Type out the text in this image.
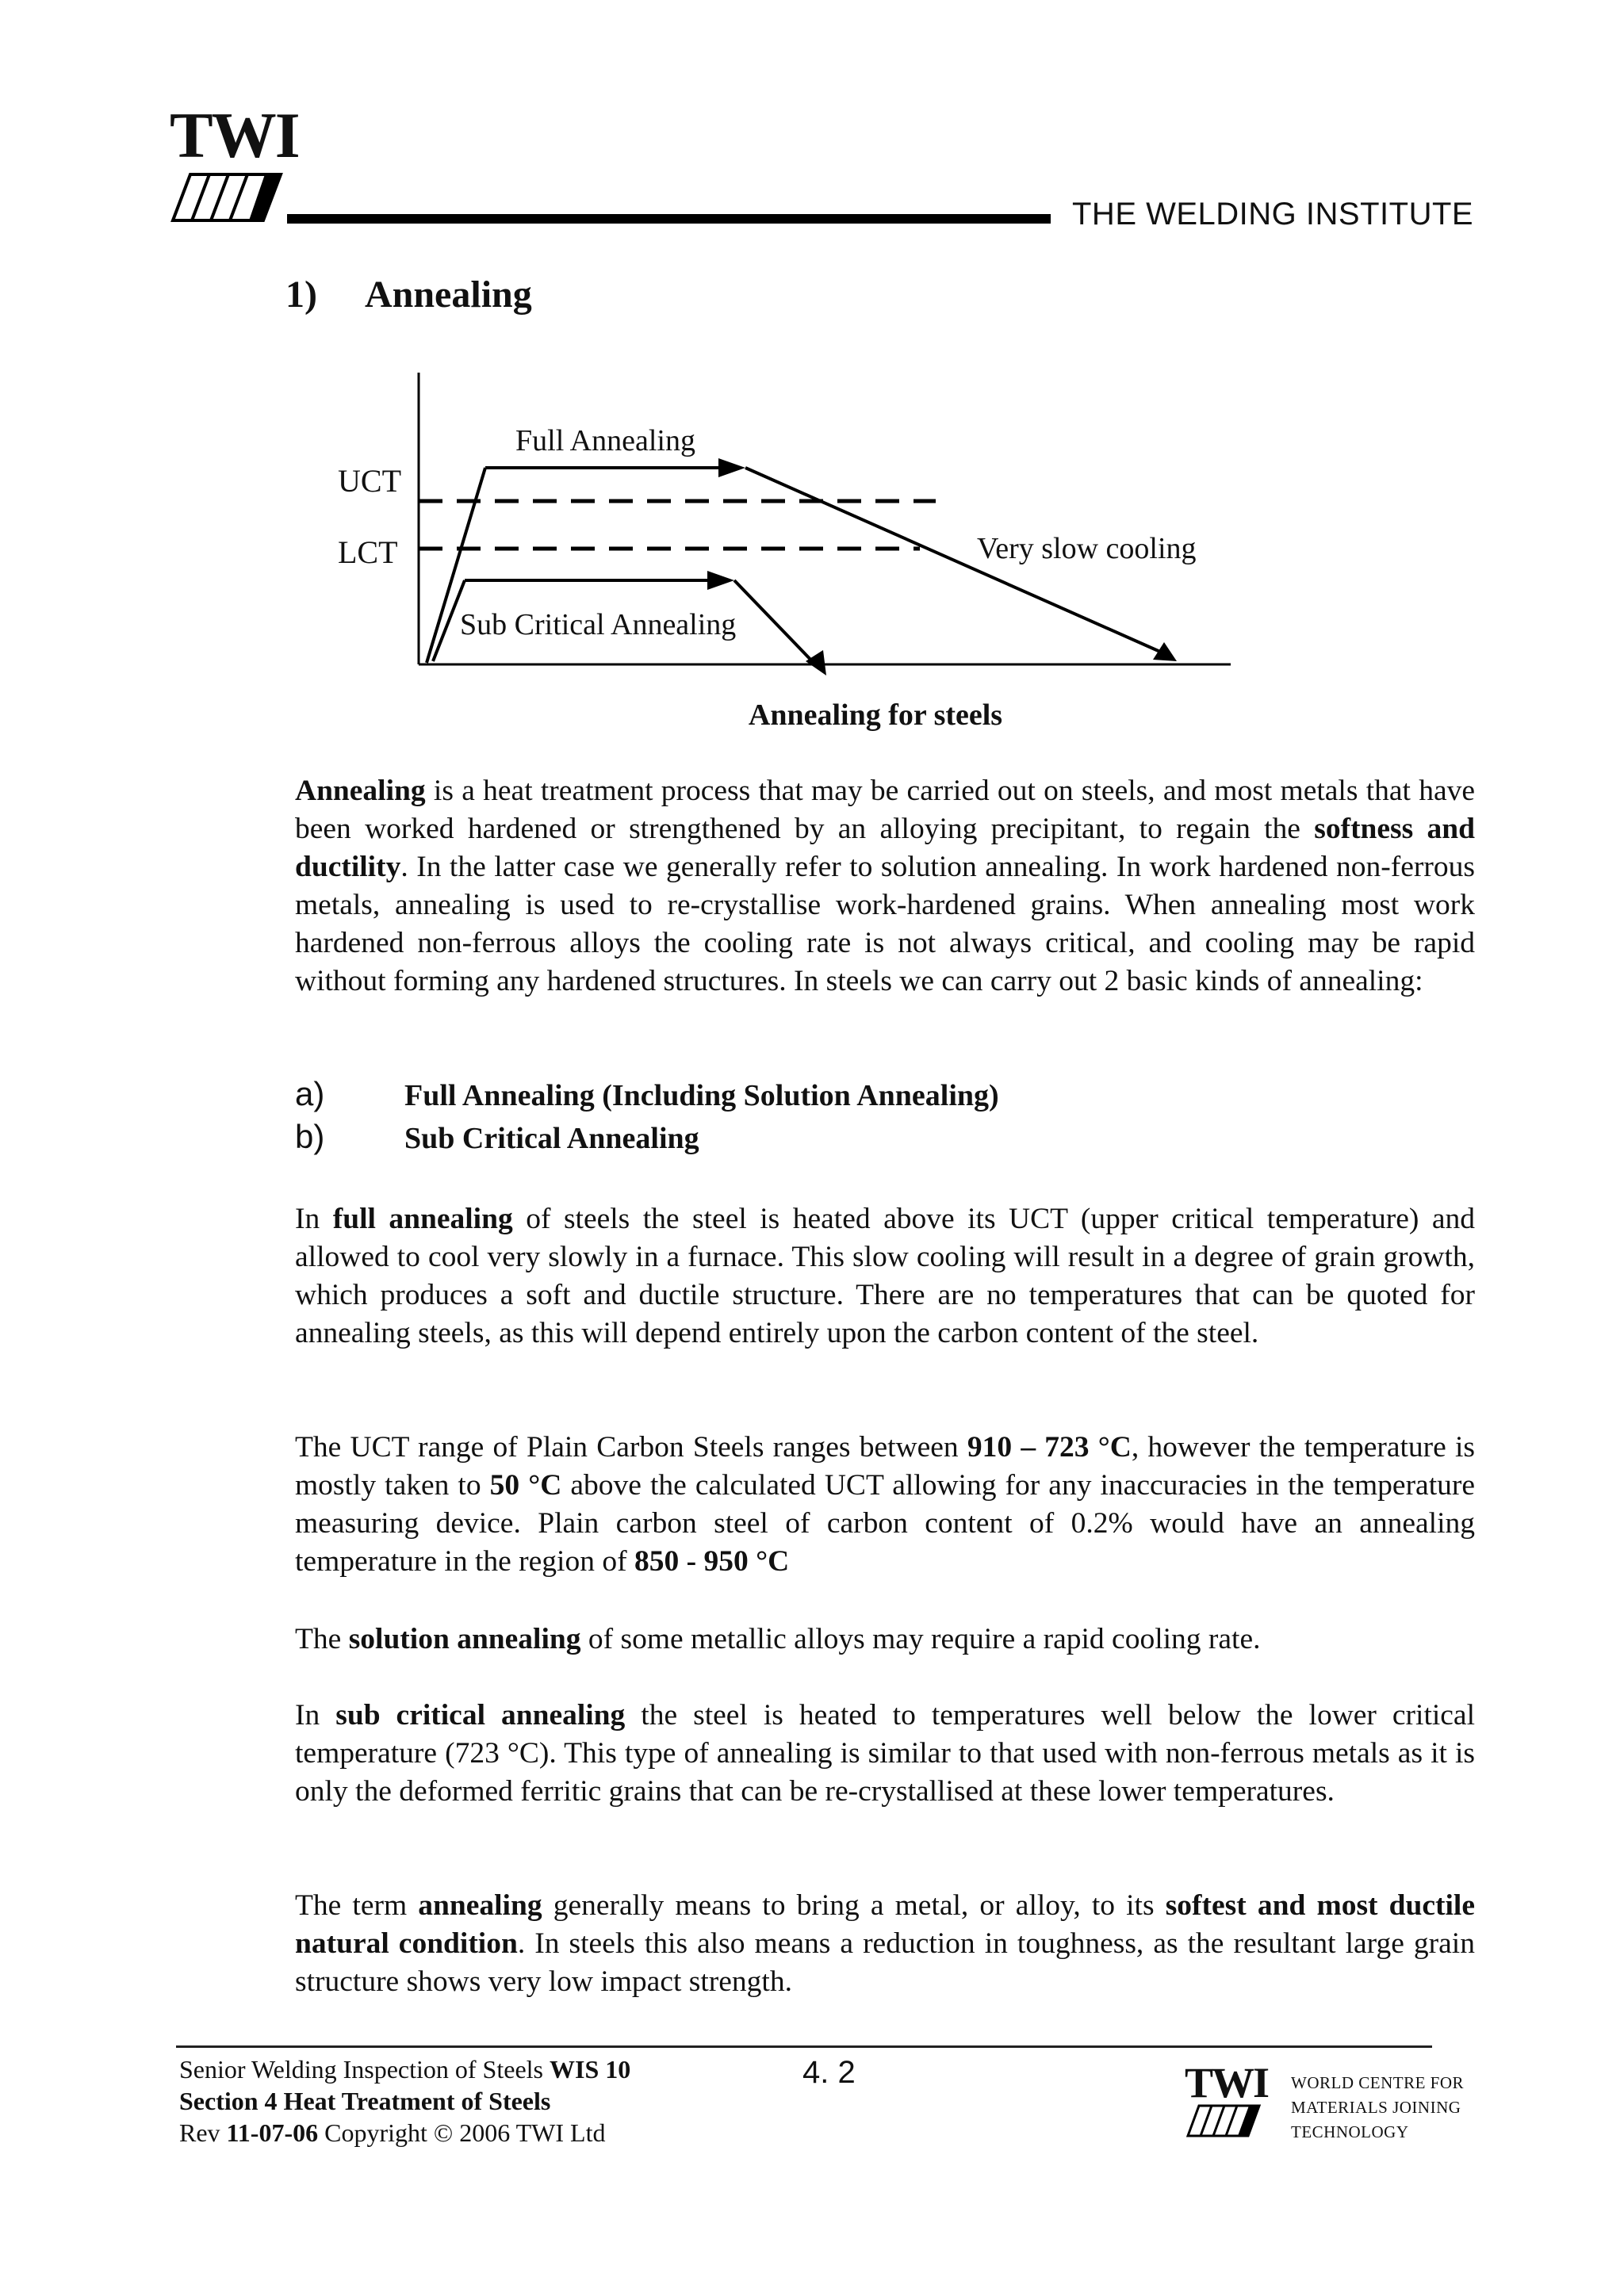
TWI
THE WELDING INSTITUTE
1) Annealing
UCT
LCT
Full Annealing
Very slow cooling
Sub Critical Annealing
Annealing for steels
Annealing is a heat treatment process that may be carried out on steels, and most metals that have been worked hardened or strengthened by an alloying precipitant, to regain the softness and ductility. In the latter case we generally refer to solution annealing. In work hardened non-ferrous metals, annealing is used to re-crystallise work-hardened grains. When annealing most work hardened non-ferrous alloys the cooling rate is not always critical, and cooling may be rapid without forming any hardened structures. In steels we can carry out 2 basic kinds of annealing:
a)	Full Annealing (Including Solution Annealing)
b)	Sub Critical Annealing
In full annealing of steels the steel is heated above its UCT (upper critical temperature) and allowed to cool very slowly in a furnace. This slow cooling will result in a degree of grain growth, which produces a soft and ductile structure. There are no temperatures that can be quoted for annealing steels, as this will depend entirely upon the carbon content of the steel.
The UCT range of Plain Carbon Steels ranges between 910 – 723 °C, however the temperature is mostly taken to 50 °C above the calculated UCT allowing for any inaccuracies in the temperature measuring device. Plain carbon steel of carbon content of 0.2% would have an annealing temperature in the region of 850 - 950 °C
The solution annealing of some metallic alloys may require a rapid cooling rate.
In sub critical annealing the steel is heated to temperatures well below the lower critical temperature (723 °C). This type of annealing is similar to that used with non-ferrous metals as it is only the deformed ferritic grains that can be re-crystallised at these lower temperatures.
The term annealing generally means to bring a metal, or alloy, to its softest and most ductile natural condition. In steels this also means a reduction in toughness, as the resultant large grain structure shows very low impact strength.
Senior Welding Inspection of Steels WIS 10
Section 4 Heat Treatment of Steels
Rev 11-07-06 Copyright © 2006 TWI Ltd
4. 2	TWI WORLD CENTRE FOR
MATERIALS JOINING
TECHNOLOGY
